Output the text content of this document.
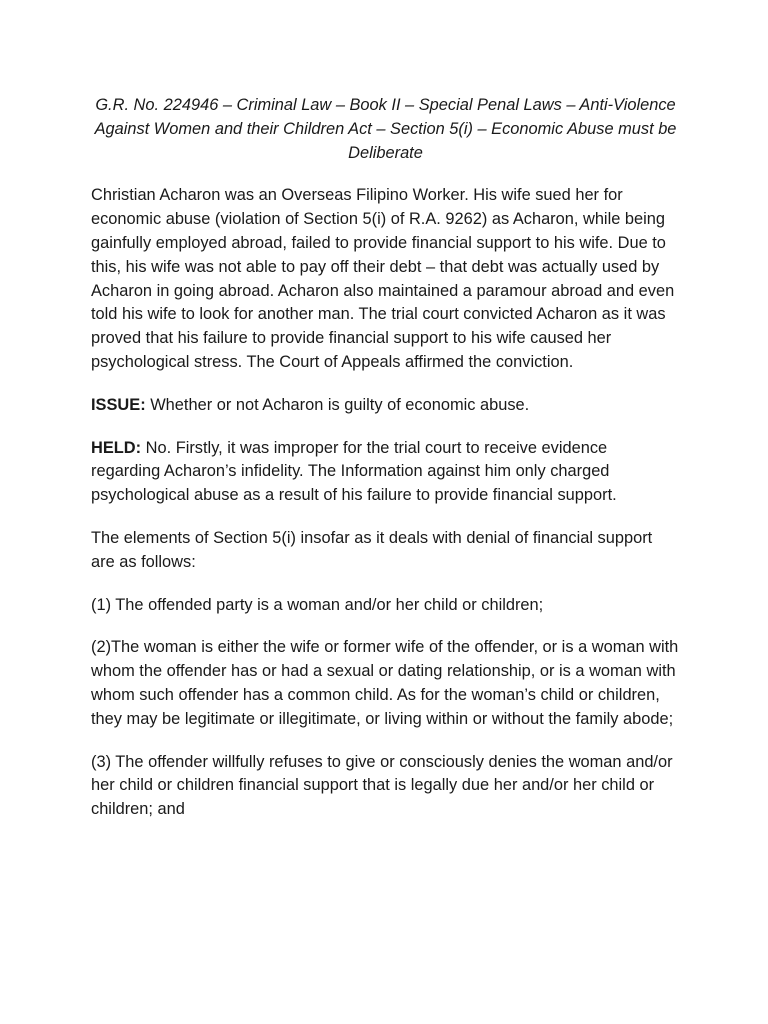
G.R. No. 224946 – Criminal Law – Book II – Special Penal Laws – Anti-Violence Against Women and their Children Act – Section 5(i) – Economic Abuse must be Deliberate

Christian Acharon was an Overseas Filipino Worker. His wife sued her for economic abuse (violation of Section 5(i) of R.A. 9262) as Acharon, while being gainfully employed abroad, failed to provide financial support to his wife. Due to this, his wife was not able to pay off their debt – that debt was actually used by Acharon in going abroad. Acharon also maintained a paramour abroad and even told his wife to look for another man. The trial court convicted Acharon as it was proved that his failure to provide financial support to his wife caused her psychological stress. The Court of Appeals affirmed the conviction.

ISSUE: Whether or not Acharon is guilty of economic abuse.

HELD: No. Firstly, it was improper for the trial court to receive evidence regarding Acharon’s infidelity. The Information against him only charged psychological abuse as a result of his failure to provide financial support.

The elements of Section 5(i) insofar as it deals with denial of financial support are as follows:

(1) The offended party is a woman and/or her child or children;

(2)The woman is either the wife or former wife of the offender, or is a woman with whom the offender has or had a sexual or dating relationship, or is a woman with whom such offender has a common child. As for the woman’s child or children, they may be legitimate or illegitimate, or living within or without the family abode;

(3) The offender willfully refuses to give or consciously denies the woman and/or her child or children financial support that is legally due her and/or her child or children; and
